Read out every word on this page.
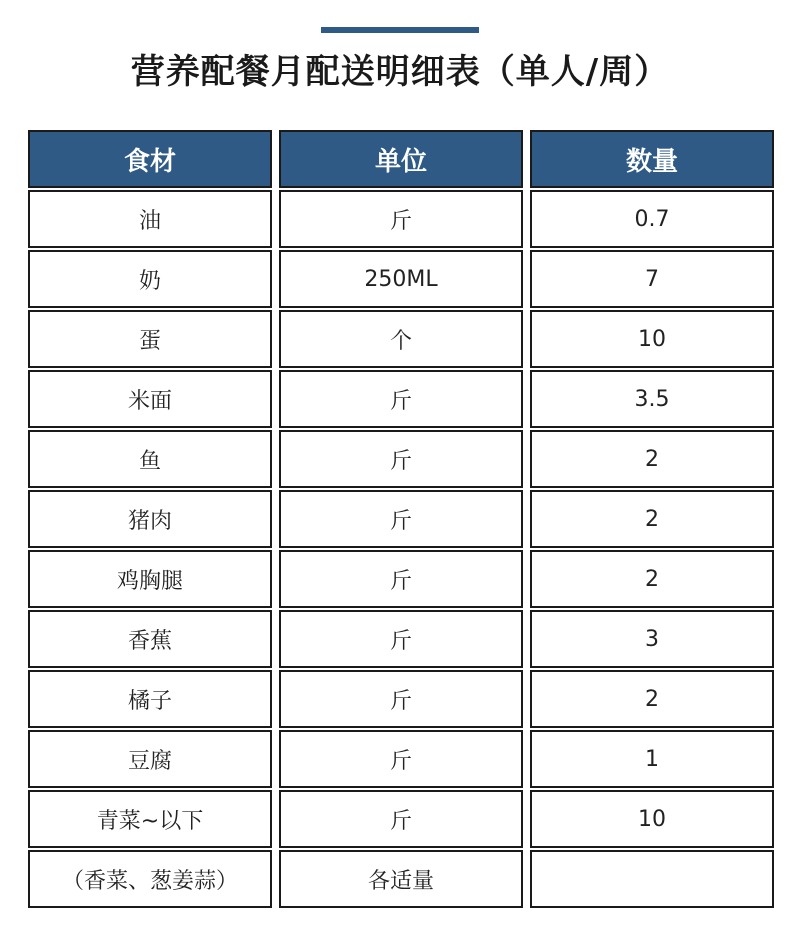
营养配餐月配送明细表（单人/周）
食材	单位	数量
油	斤	0.7
奶	250ML	7
蛋	个	10
米面	斤	3.5
鱼	斤	2
猪肉	斤	2
鸡胸腿	斤	2
香蕉	斤	3
橘子	斤	2
豆腐	斤	1
青菜~以下	斤	10
（香菜、葱姜蒜）	各适量
